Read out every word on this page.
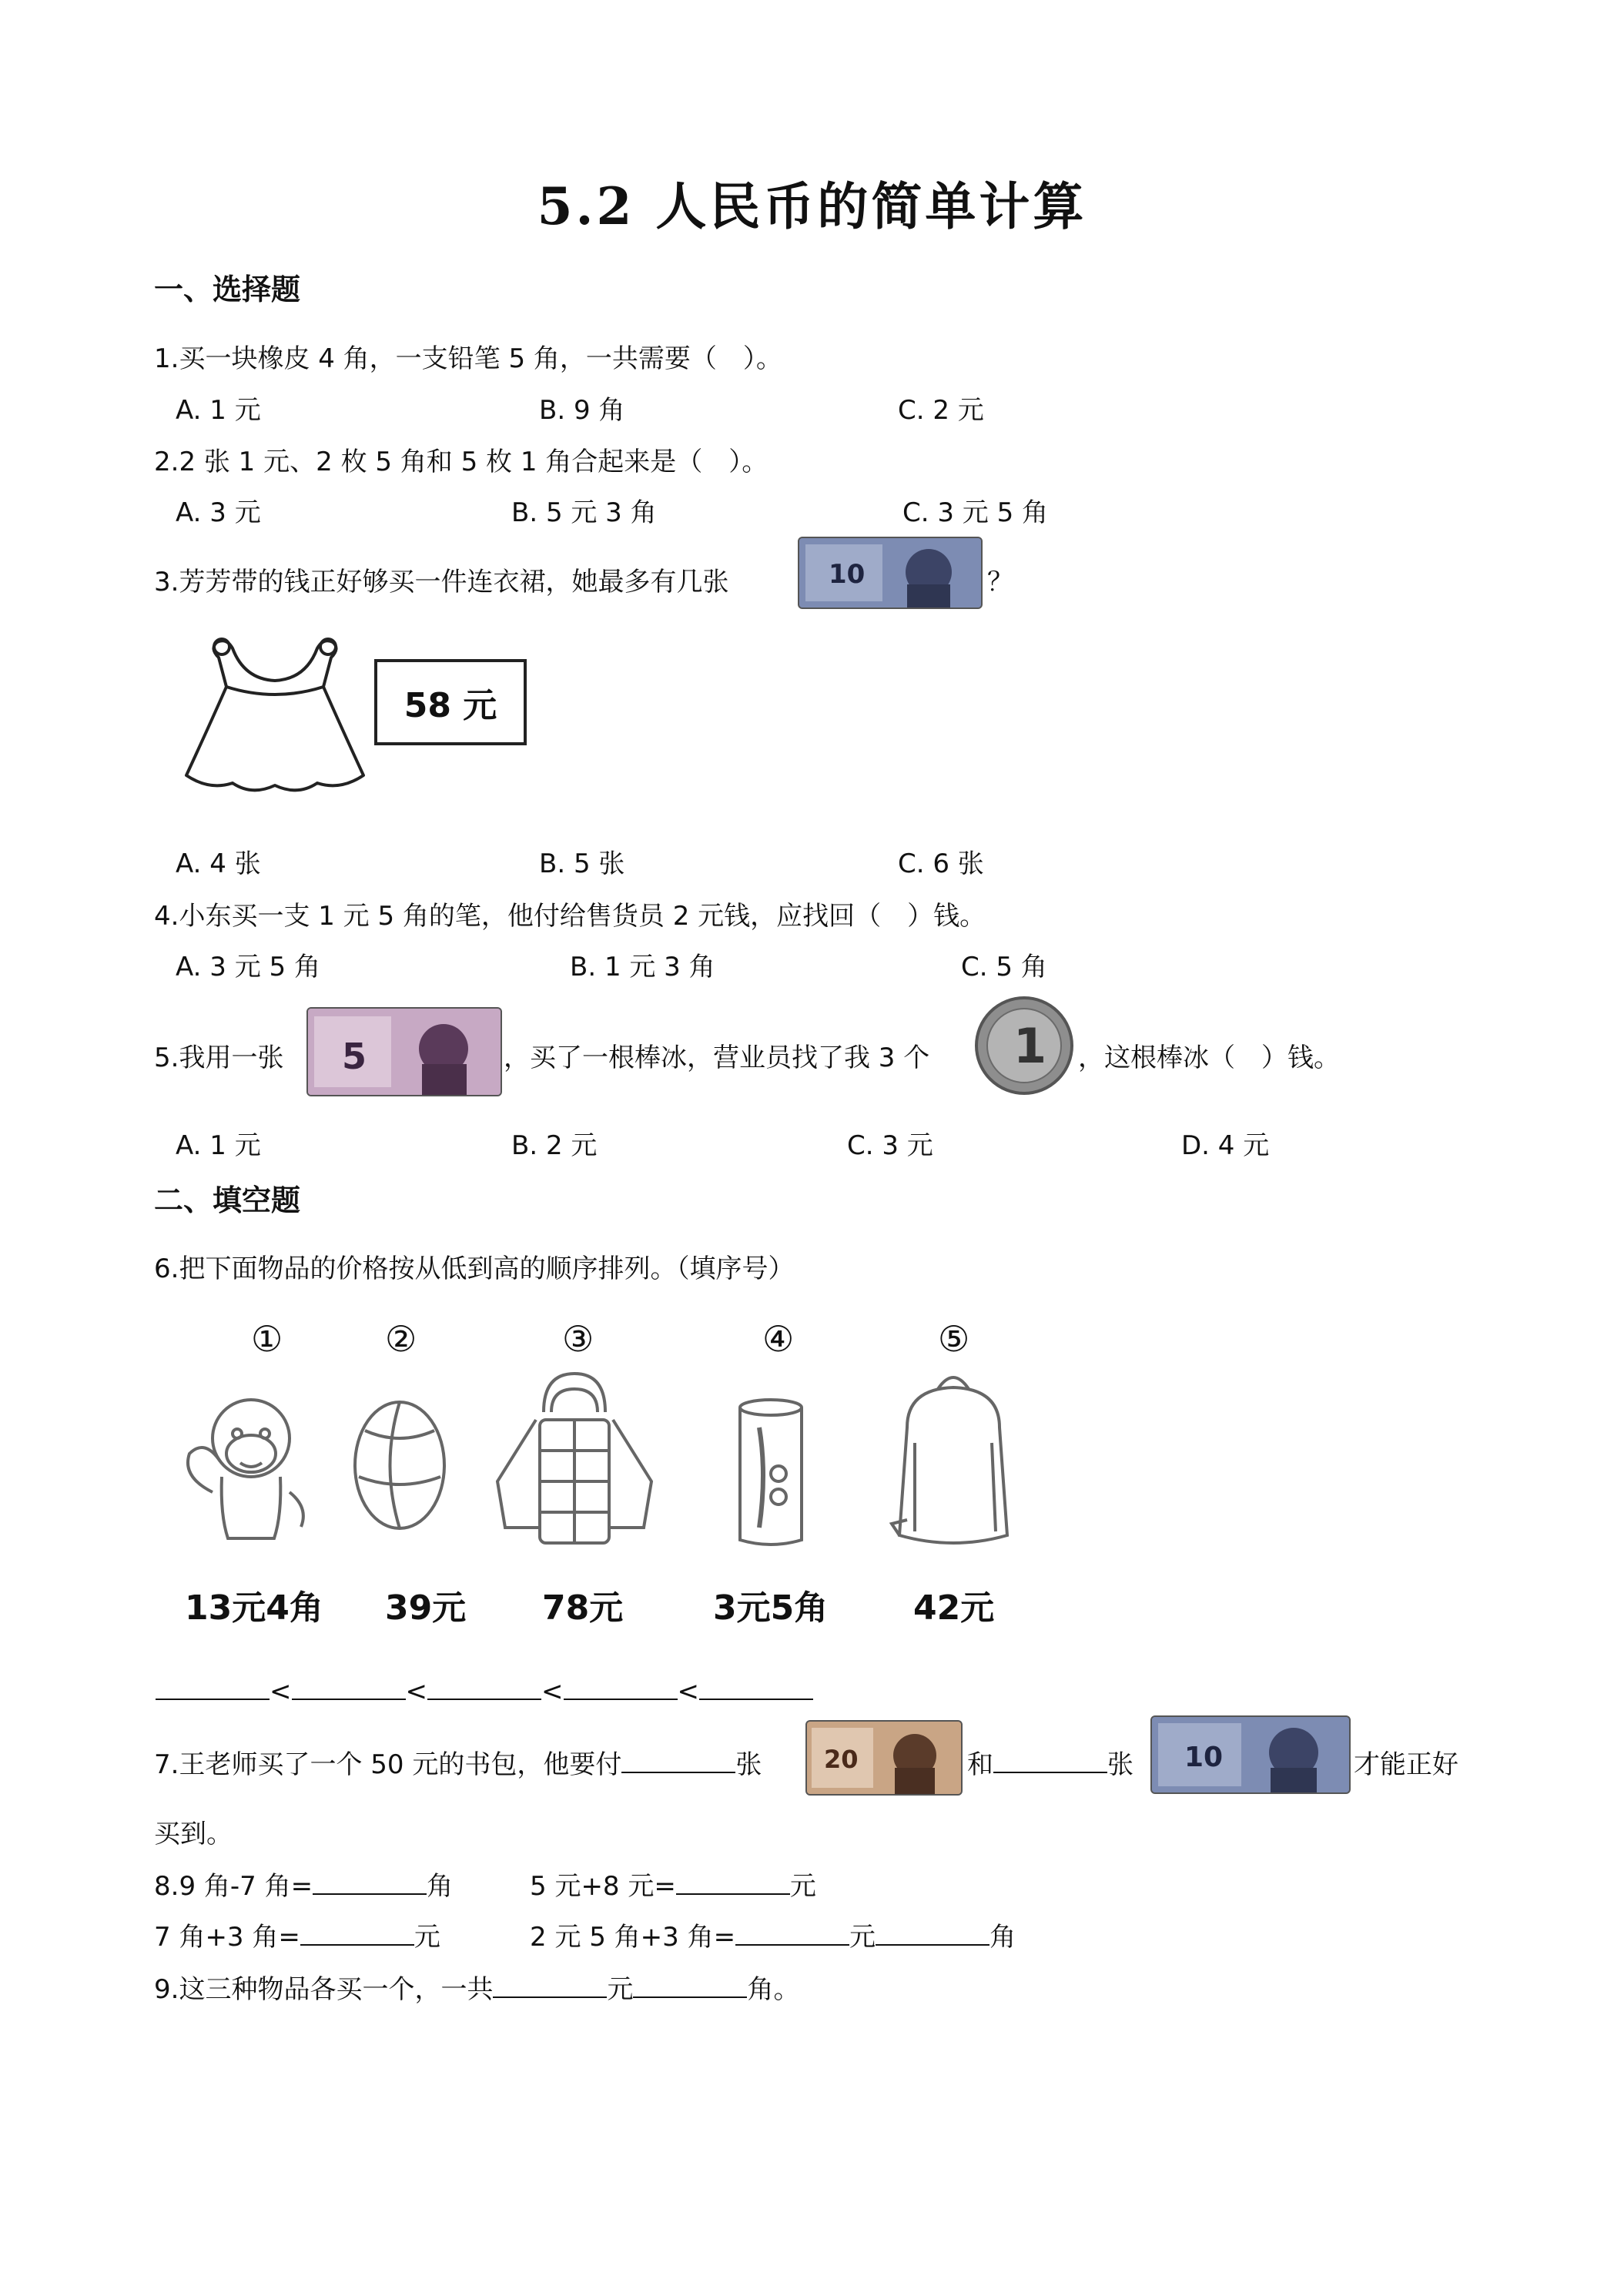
5.2 人民币的简单计算
一、选择题
1.买一块橡皮 4 角，一支铅笔 5 角，一共需要（　）。
A. 1 元	B. 9 角	C. 2 元
2.2 张 1 元、2 枚 5 角和 5 枚 1 角合起来是（　）。
A. 3 元	B. 5 元 3 角	C. 3 元 5 角
3.芳芳带的钱正好够买一件连衣裙，她最多有几张	10	？
58 元
A. 4 张	B. 5 张	C. 6 张
4.小东买一支 1 元 5 角的笔，他付给售货员 2 元钱，应找回（　）钱。
A. 3 元 5 角	B. 1 元 3 角	C. 5 角
5.我用一张 5	，买了一根棒冰，营业员找了我 3 个 1 ，这根棒冰（　）钱。
A. 1 元	B. 2 元	C. 3 元	D. 4 元
二、填空题
6.把下面物品的价格按从低到高的顺序排列。（填序号）
①	②	③	④	⑤
13元4角 39元 78元	3元5角	42元
<	<	<	<
7.王老师买了一个 50 元的书包，他要付	张	20	和	张 10	才能正好
买到。
8.9 角-7 角=	角	5 元+8 元=	元
7 角+3 角=	元	2 元 5 角+3 角=	元	角
9.这三种物品各买一个，一共	元	角。
